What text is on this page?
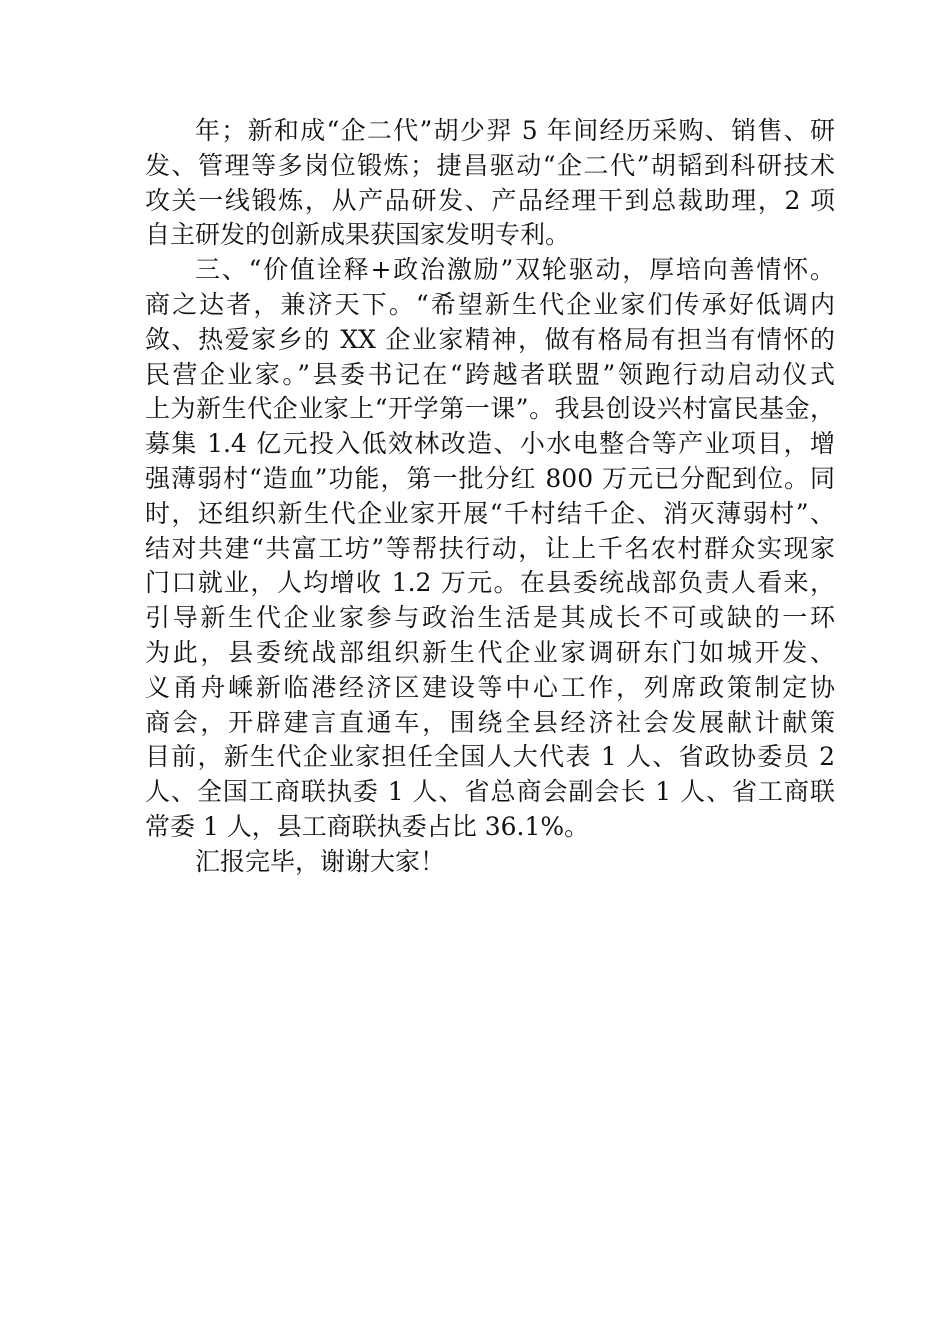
年；新和成“企二代”胡少羿 5 年间经历采购、销售、研
发、管理等多岗位锻炼；捷昌驱动“企二代”胡韬到科研技术
攻关一线锻炼，从产品研发、产品经理干到总裁助理，2 项
自主研发的创新成果获国家发明专利。
三、“价值诠释+政治激励”双轮驱动，厚培向善情怀。
商之达者，兼济天下。“希望新生代企业家们传承好低调内
敛、热爱家乡的 XX 企业家精神，做有格局有担当有情怀的
民营企业家。”县委书记在“跨越者联盟”领跑行动启动仪式
上为新生代企业家上“开学第一课”。我县创设兴村富民基金，
募集 1.4 亿元投入低效林改造、小水电整合等产业项目，增
强薄弱村“造血”功能，第一批分红 800 万元已分配到位。同
时，还组织新生代企业家开展“千村结千企、消灭薄弱村”、
结对共建“共富工坊”等帮扶行动，让上千名农村群众实现家
门口就业，人均增收 1.2 万元。在县委统战部负责人看来，
引导新生代企业家参与政治生活是其成长不可或缺的一环
为此，县委统战部组织新生代企业家调研东门如城开发、
义甬舟嵊新临港经济区建设等中心工作，列席政策制定协
商会，开辟建言直通车，围绕全县经济社会发展献计献策
目前，新生代企业家担任全国人大代表 1 人、省政协委员 2
人、全国工商联执委 1 人、省总商会副会长 1 人、省工商联
常委 1 人，县工商联执委占比 36.1%。
汇报完毕，谢谢大家！
